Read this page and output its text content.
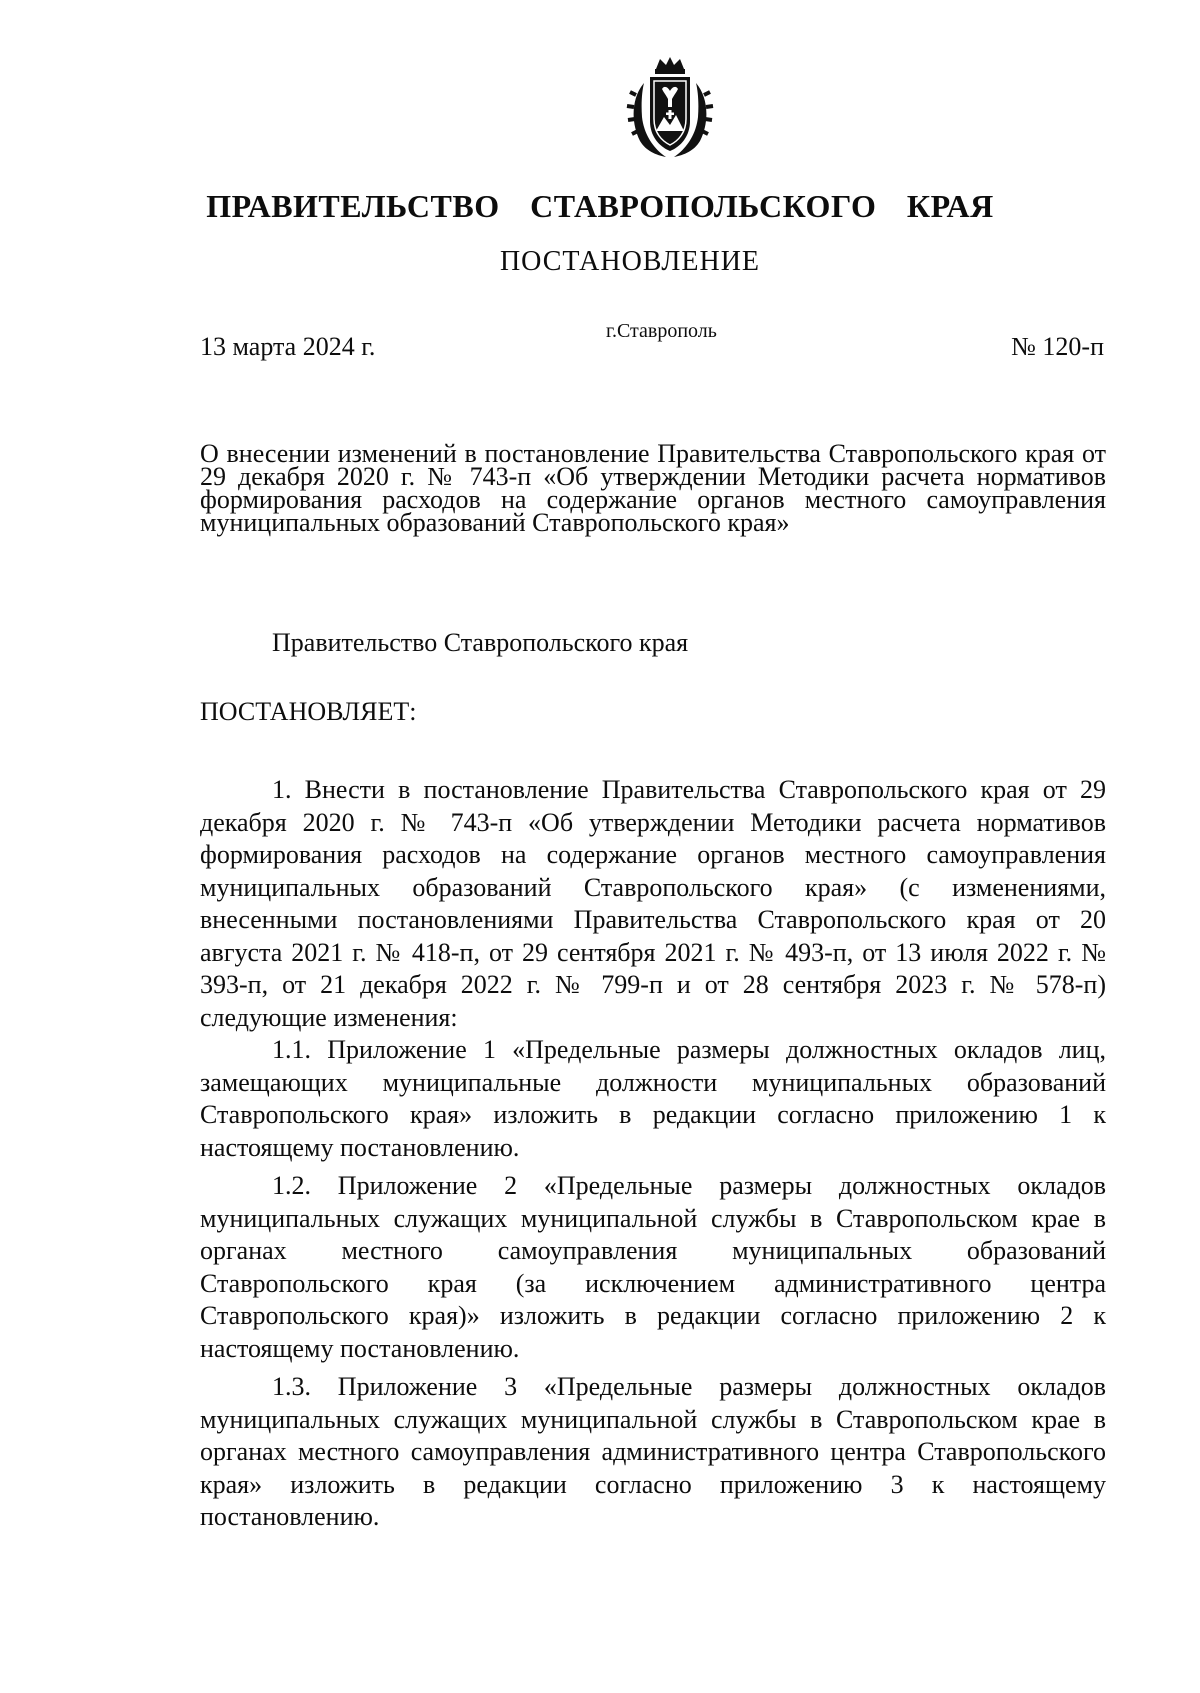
ПРАВИТЕЛЬСТВО СТАВРОПОЛЬСКОГО КРАЯ
ПОСТАНОВЛЕНИЕ
13 марта 2024 г.
г.Ставрополь
№ 120-п

О внесении изменений в постановление Правительства Ставропольского края от 29 декабря 2020 г. № 743-п «Об утверждении Методики расчета нормативов формирования расходов на содержание органов местного самоуправления муниципальных образований Ставропольского края»

Правительство Ставропольского края
ПОСТАНОВЛЯЕТ:

1. Внести в постановление Правительства Ставропольского края от 29 декабря 2020 г. № 743-п «Об утверждении Методики расчета нормативов формирования расходов на содержание органов местного самоуправления муниципальных образований Ставропольского края» (с изменениями, внесенными постановлениями Правительства Ставропольского края от 20 августа 2021 г. № 418-п, от 29 сентября 2021 г. № 493-п, от 13 июля 2022 г. № 393-п, от 21 декабря 2022 г. № 799-п и от 28 сентября 2023 г. № 578-п) следующие изменения:

1.1. Приложение 1 «Предельные размеры должностных окладов лиц, замещающих муниципальные должности муниципальных образований Ставропольского края» изложить в редакции согласно приложению 1 к настоящему постановлению.

1.2. Приложение 2 «Предельные размеры должностных окладов муниципальных служащих муниципальной службы в Ставропольском крае в органах местного самоуправления муниципальных образований Ставропольского края (за исключением административного центра Ставропольского края)» изложить в редакции согласно приложению 2 к настоящему постановлению.

1.3. Приложение 3 «Предельные размеры должностных окладов муниципальных служащих муниципальной службы в Ставропольском крае в органах местного самоуправления административного центра Ставропольского края» изложить в редакции согласно приложению 3 к настоящему постановлению.
